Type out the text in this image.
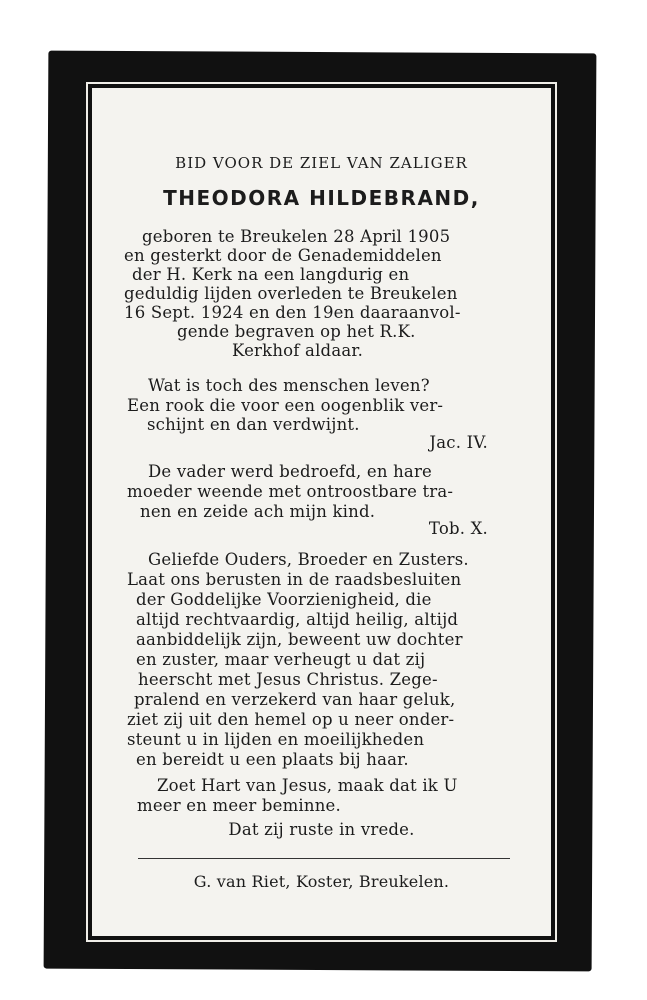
BID VOOR DE ZIEL VAN ZALIGER

THEODORA HILDEBRAND,

geboren te Breukelen 28 April 1905

en gesterkt door de Genademiddelen

der H. Kerk na een langdurig en

geduldig lijden overleden te Breukelen

16 Sept. 1924 en den 19en daaraanvol-

gende begraven op het R.K.

Kerkhof aldaar.

Wat is toch des menschen leven?

Een rook die voor een oogenblik ver-

schijnt en dan verdwijnt.

Jac. IV.

De vader werd bedroefd, en hare

moeder weende met ontroostbare tra-

nen en zeide ach mijn kind.

Tob. X.

Geliefde Ouders, Broeder en Zusters.

Laat ons berusten in de raadsbesluiten

der Goddelijke Voorzienigheid, die

altijd rechtvaardig, altijd heilig, altijd

aanbiddelijk zijn, beweent uw dochter

en zuster, maar verheugt u dat zij

heerscht met Jesus Christus. Zege-

pralend en verzekerd van haar geluk,

ziet zij uit den hemel op u neer onder-

steunt u in lijden en moeilijkheden

en bereidt u een plaats bij haar.

Zoet Hart van Jesus, maak dat ik U

meer en meer beminne.

Dat zij ruste in vrede.

G. van Riet, Koster, Breukelen.
